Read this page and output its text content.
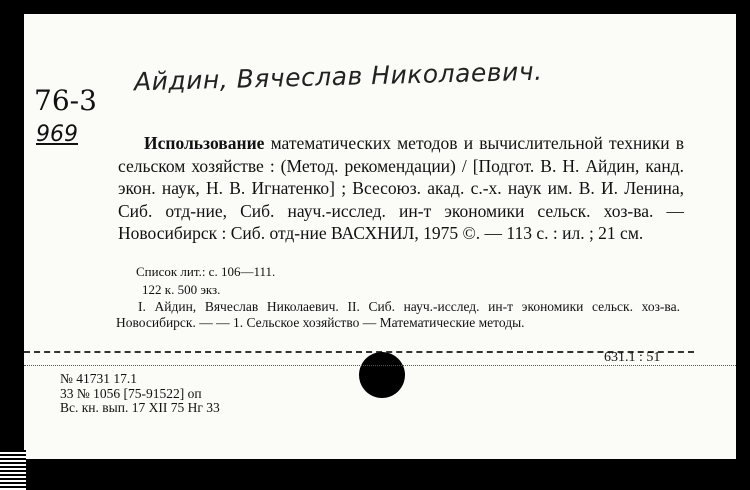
Айдин, Вячеслав Николаевич.
76-3
969	Использование математических методов и вычислительной техники в сельском хозяйстве : (Метод. рекомендации) / [Подгот. В. Н. Айдин, канд. экон. наук, Н. В. Игнатенко] ; Всесоюз. акад. с.-х. наук им. В. И. Ленина, Сиб. отд-ние, Сиб. науч.-исслед. ин-т экономики сельск. хоз-ва. — Новосибирск : Сиб. отд-ние ВАСХНИЛ, 1975 ©. — 113 с. : ил. ; 21 см.
Список лит.: с. 106—111.
122 к. 500 экз.
I. Айдин, Вячеслав Николаевич. II. Сиб. науч.-исслед. ин-т экономики сельск. хоз-ва. Новосибирск. — — 1. Сельское хозяйство — Математические методы.
631.1 : 51
№ 41731 17.1
33 № 1056 [75-91522] оп
Вс. кн. вып. 17 XII 75 Нг 33
